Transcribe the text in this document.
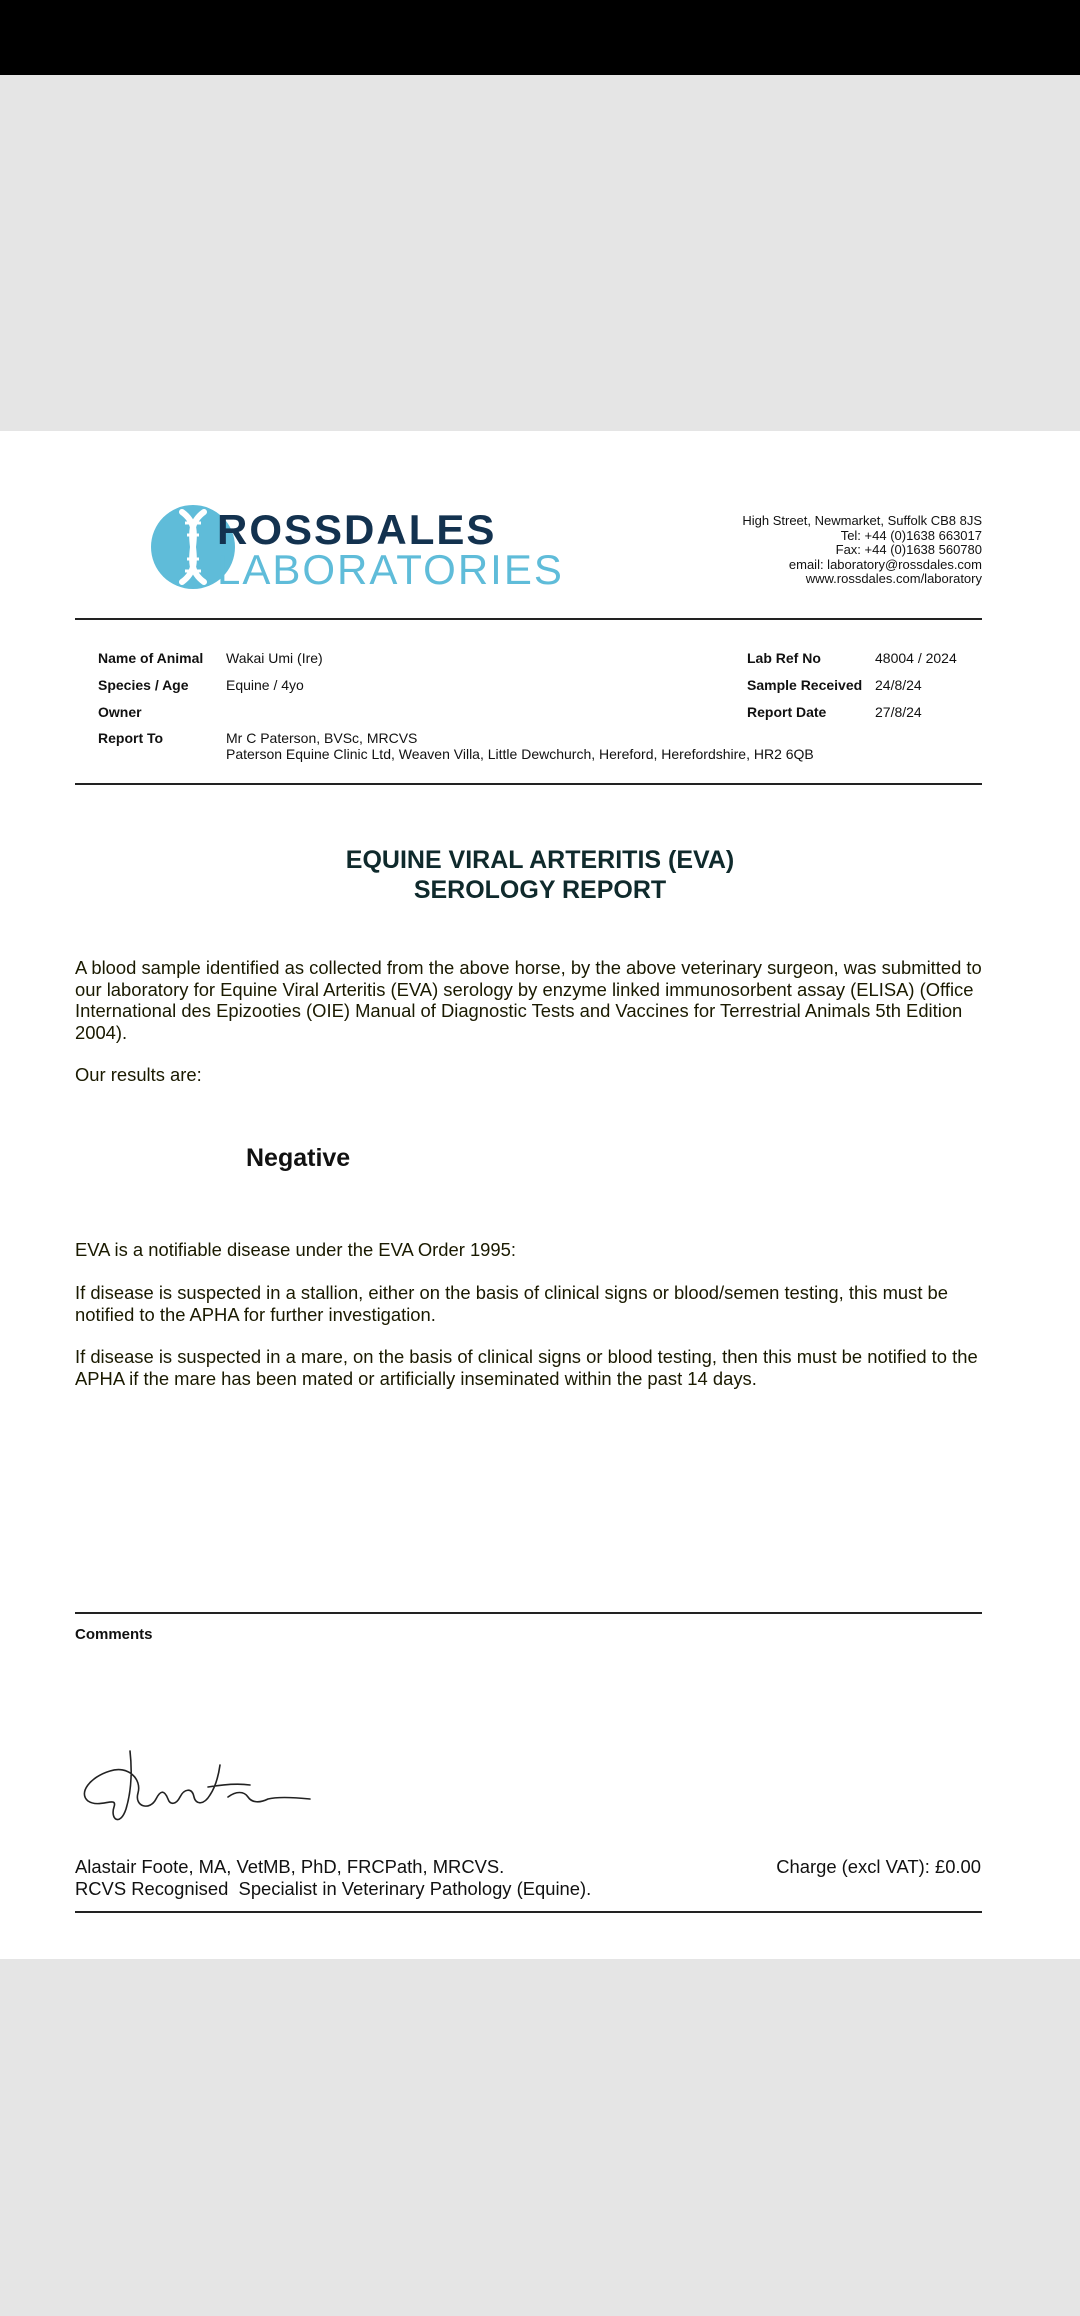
ROSSDALES
LABORATORIES
High Street, Newmarket, Suffolk CB8 8JS
Tel: +44 (0)1638 663017
Fax: +44 (0)1638 560780
email: laboratory@rossdales.com
www.rossdales.com/laboratory
Name of Animal Wakai Umi (Ire)
Species / Age	Equine / 4yo
Owner
Report To	Mr C Paterson, BVSc, MRCVS
Paterson Equine Clinic Ltd, Weaven Villa, Little Dewchurch, Hereford, Herefordshire, HR2 6QB
Lab Ref No	48004 / 2024
Sample Received 24/8/24
Report Date	27/8/24
EQUINE VIRAL ARTERITIS (EVA)
SEROLOGY REPORT
A blood sample identified as collected from the above horse, by the above veterinary surgeon, was submitted to our laboratory for Equine Viral Arteritis (EVA) serology by enzyme linked immunosorbent assay (ELISA) (Office International des Epizooties (OIE) Manual of Diagnostic Tests and Vaccines for Terrestrial Animals 5th Edition 2004).
Our results are:
Negative
EVA is a notifiable disease under the EVA Order 1995:
If disease is suspected in a stallion, either on the basis of clinical signs or blood/semen testing, this must be notified to the APHA for further investigation.
If disease is suspected in a mare, on the basis of clinical signs or blood testing, then this must be notified to the APHA if the mare has been mated or artificially inseminated within the past 14 days.
Comments
Alastair Foote, MA, VetMB, PhD, FRCPath, MRCVS.
RCVS Recognised  Specialist in Veterinary Pathology (Equine).
Charge (excl VAT): £0.00
